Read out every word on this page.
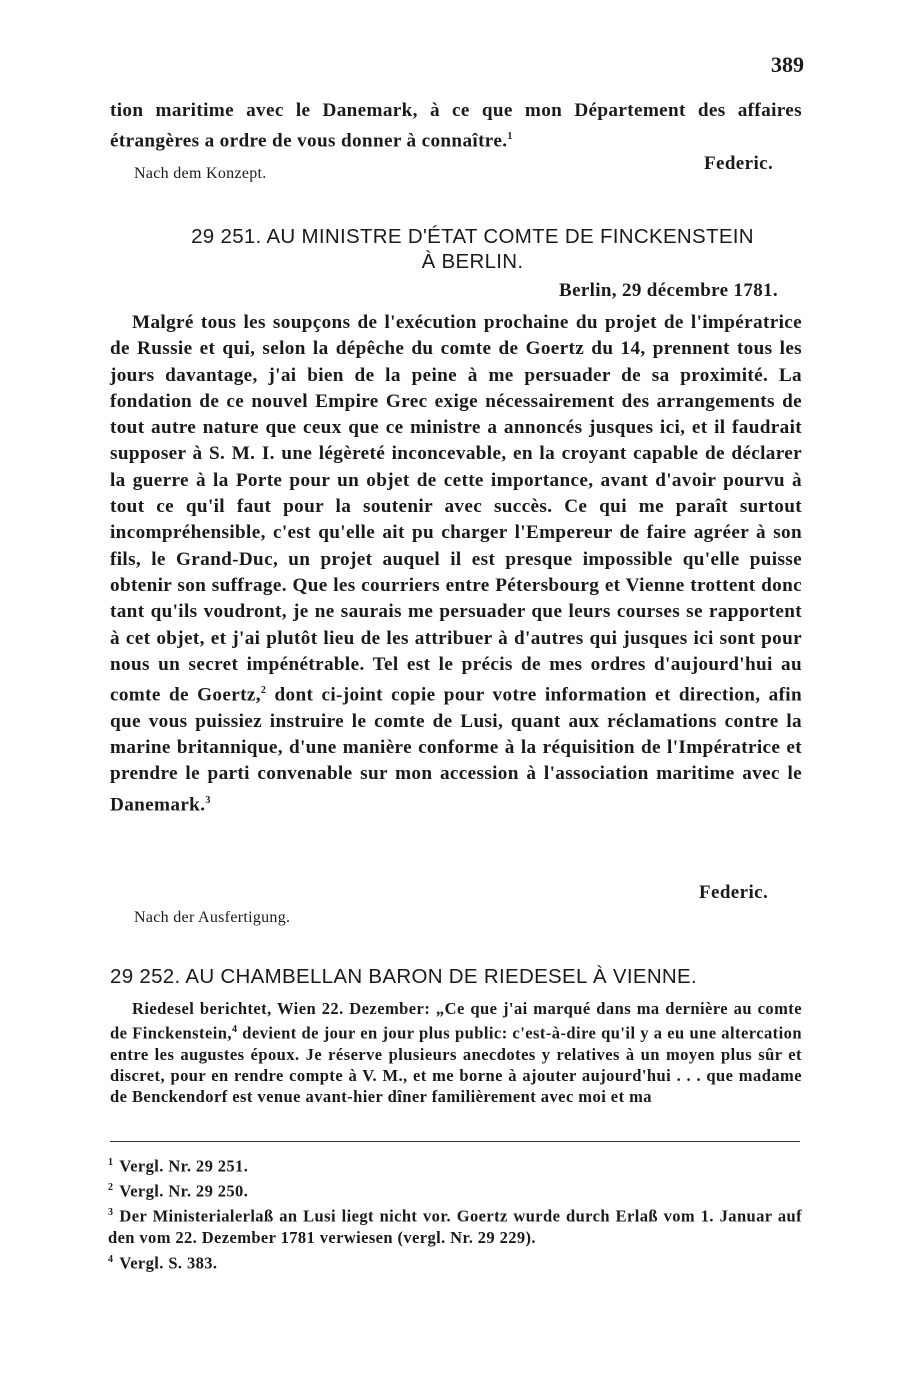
389
tion maritime avec le Danemark, à ce que mon Département des affaires étrangères a ordre de vous donner à connaître.$^1$
Federic.
Nach dem Konzept.
29 251. AU MINISTRE D'ÉTAT COMTE DE FINCKENSTEIN
À BERLIN.
Berlin, 29 décembre 1781.
Malgré tous les soupçons de l'exécution prochaine du projet de l'impératrice de Russie et qui, selon la dépêche du comte de Goertz du 14, prennent tous les jours davantage, j'ai bien de la peine à me persuader de sa proximité. La fondation de ce nouvel Empire Grec exige nécessairement des arrangements de tout autre nature que ceux que ce ministre a annoncés jusques ici, et il faudrait supposer à S. M. I. une légèreté inconcevable, en la croyant capable de déclarer la guerre à la Porte pour un objet de cette importance, avant d'avoir pourvu à tout ce qu'il faut pour la soutenir avec succès. Ce qui me paraît surtout incompréhensible, c'est qu'elle ait pu charger l'Empereur de faire agréer à son fils, le Grand-Duc, un projet auquel il est presque impossible qu'elle puisse obtenir son suffrage. Que les courriers entre Pétersbourg et Vienne trottent donc tant qu'ils voudront, je ne saurais me persuader que leurs courses se rapportent à cet objet, et j'ai plutôt lieu de les attribuer à d'autres qui jusques ici sont pour nous un secret impénétrable. Tel est le précis de mes ordres d'aujourd'hui au comte de Goertz,$^2$ dont ci-joint copie pour votre information et direction, afin que vous puissiez instruire le comte de Lusi, quant aux réclamations contre la marine britannique, d'une manière conforme à la réquisition de l'Impératrice et prendre le parti convenable sur mon accession à l'association maritime avec le Danemark.$^3$
Federic.
Nach der Ausfertigung.
29 252. AU CHAMBELLAN BARON DE RIEDESEL À VIENNE.
Riedesel berichtet, Wien 22. Dezember: „Ce que j'ai marqué dans ma dernière au comte de Finckenstein,$^4$ devient de jour en jour plus public: c'est-à-dire qu'il y a eu une altercation entre les augustes époux. Je réserve plusieurs anecdotes y relatives à un moyen plus sûr et discret, pour en rendre compte à V. M., et me borne à ajouter aujourd'hui . . . que madame de Benckendorf est venue avant-hier dîner familièrement avec moi et ma
$^1$ Vergl. Nr. 29 251.
$^2$ Vergl. Nr. 29 250.
$^3$ Der Ministerialerlaß an Lusi liegt nicht vor. Goertz wurde durch Erlaß vom 1. Januar auf den vom 22. Dezember 1781 verwiesen (vergl. Nr. 29 229).
$^4$ Vergl. S. 383.
